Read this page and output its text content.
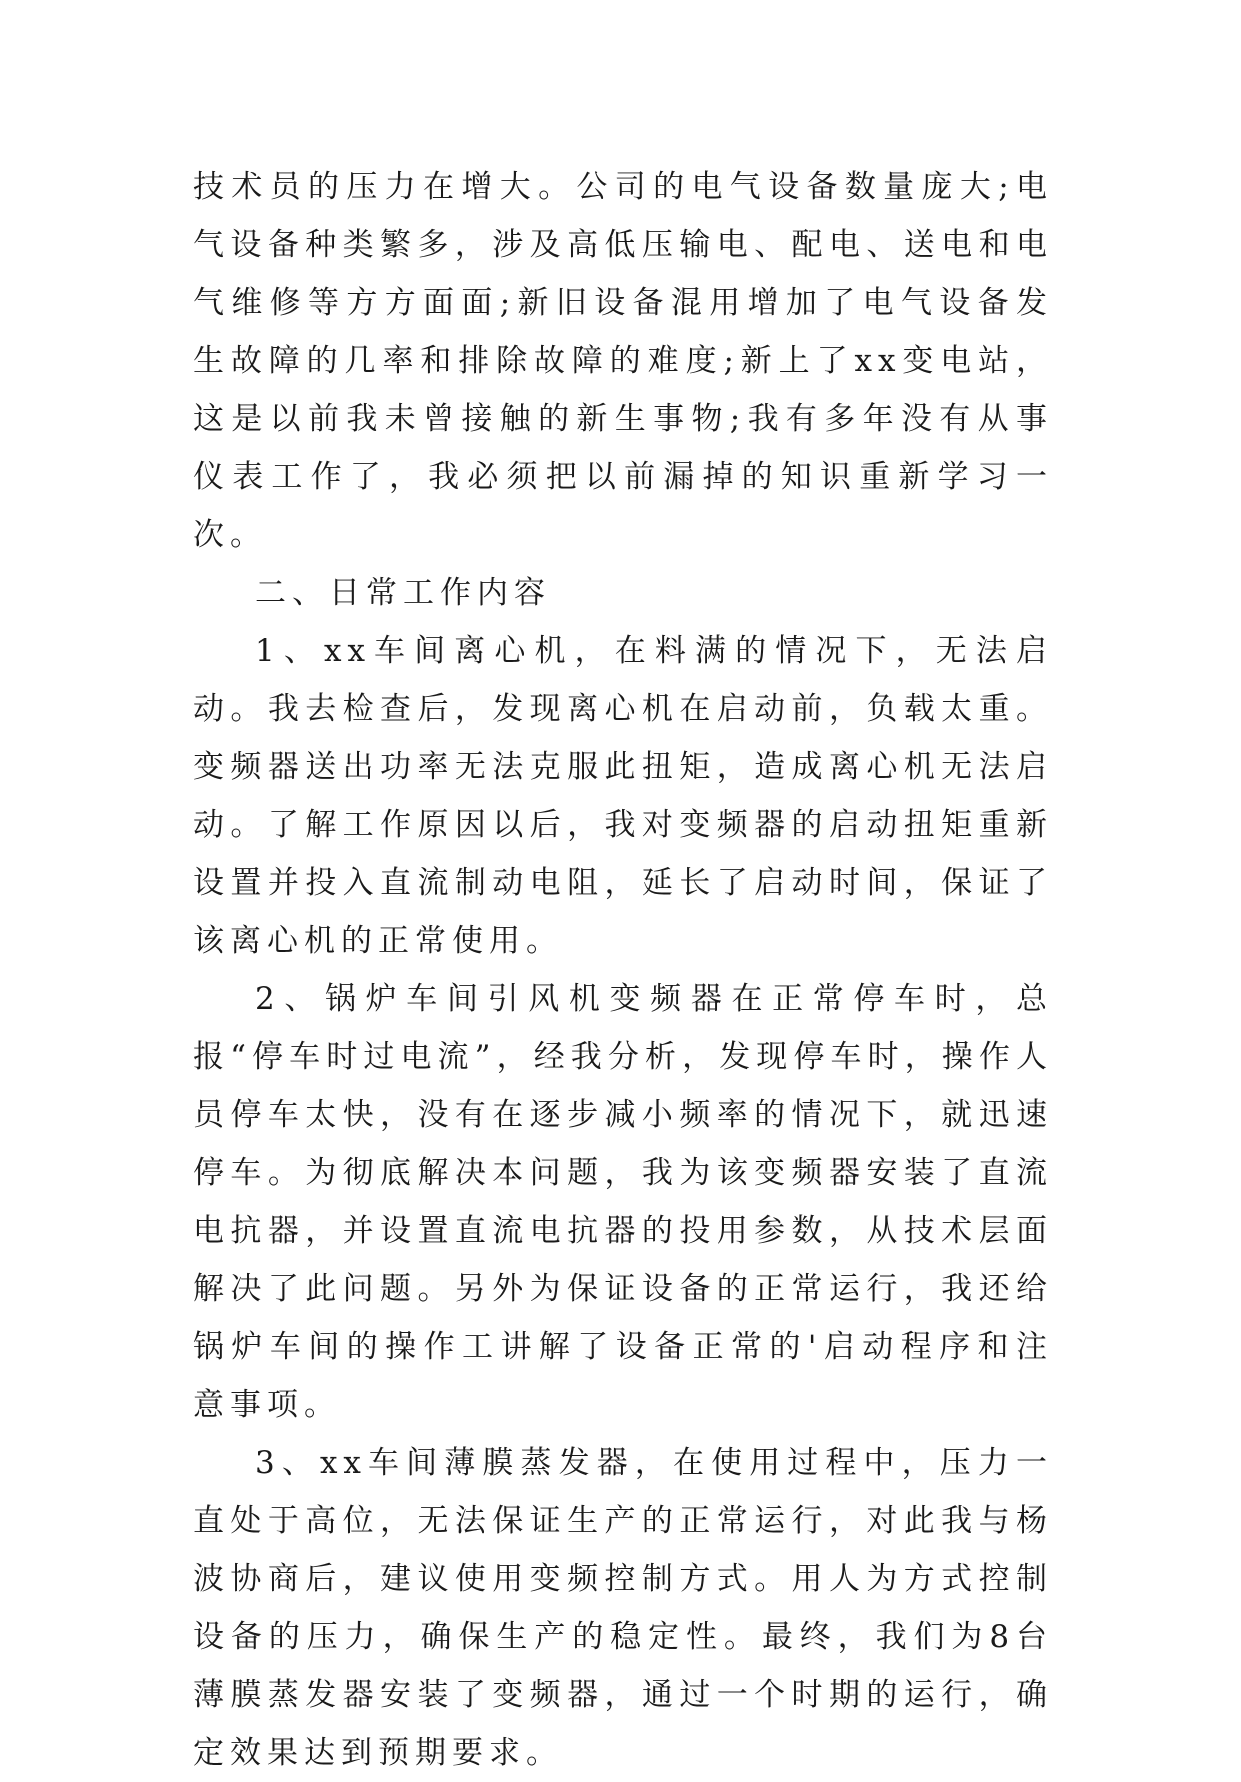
技术员的压力在增大。公司的电气设备数量庞大;电气设备种类繁多，涉及高低压输电、配电、送电和电气维修等方方面面;新旧设备混用增加了电气设备发生故障的几率和排除故障的难度;新上了xx变电站，这是以前我未曾接触的新生事物;我有多年没有从事仪表工作了，我必须把以前漏掉的知识重新学习一次。

二、日常工作内容

1、xx车间离心机，在料满的情况下，无法启动。我去检查后，发现离心机在启动前，负载太重。变频器送出功率无法克服此扭矩，造成离心机无法启动。了解工作原因以后，我对变频器的启动扭矩重新设置并投入直流制动电阻，延长了启动时间，保证了该离心机的正常使用。

2、锅炉车间引风机变频器在正常停车时，总报“停车时过电流”，经我分析，发现停车时，操作人员停车太快，没有在逐步减小频率的情况下，就迅速停车。为彻底解决本问题，我为该变频器安装了直流电抗器，并设置直流电抗器的投用参数，从技术层面解决了此问题。另外为保证设备的正常运行，我还给锅炉车间的操作工讲解了设备正常的'启动程序和注意事项。

3、xx车间薄膜蒸发器，在使用过程中，压力一直处于高位，无法保证生产的正常运行，对此我与杨波协商后，建议使用变频控制方式。用人为方式控制设备的压力，确保生产的稳定性。最终，我们为8台薄膜蒸发器安装了变频器，通过一个时期的运行，确定效果达到预期要求。
